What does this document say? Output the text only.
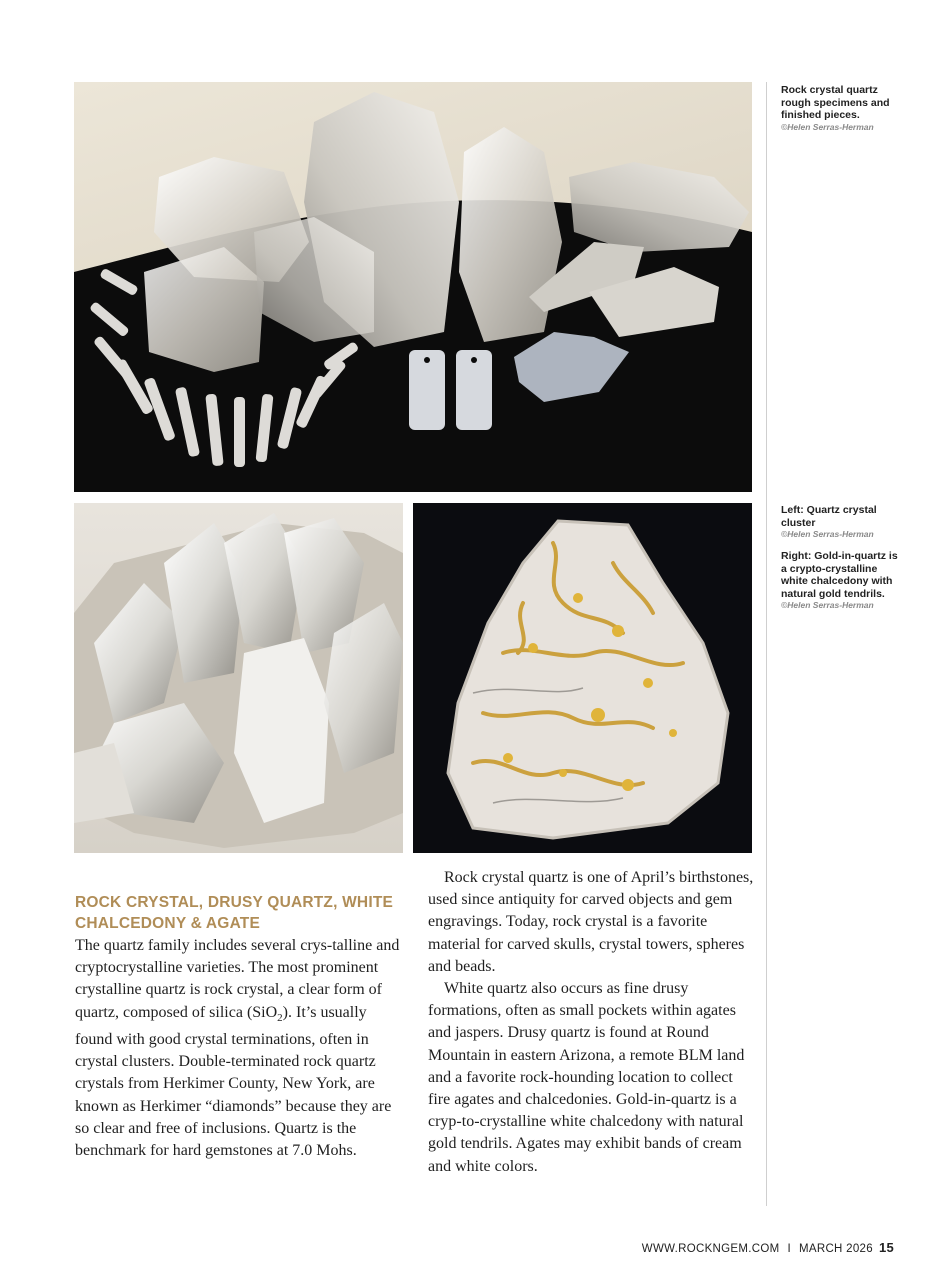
Rock crystal quartz rough specimens and finished pieces.
©Helen Serras-Herman
Left: Quartz crystal cluster
©Helen Serras-Herman
Right: Gold-in-quartz is a crypto-crystalline white chalcedony with natural gold tendrils.
©Helen Serras-Herman
ROCK CRYSTAL, DRUSY QUARTZ, WHITE CHALCEDONY & AGATE

The quartz family includes several crys-talline and cryptocrystalline varieties. The most prominent crystalline quartz is rock crystal, a clear form of quartz, composed of silica (SiO$_2$). It’s usually found with good crystal terminations, often in crystal clusters. Double-terminated rock quartz crystals from Herkimer County, New York, are known as Herkimer “diamonds” because they are so clear and free of inclusions. Quartz is the benchmark for hard gemstones at 7.0 Mohs.

Rock crystal quartz is one of April’s birthstones, used since antiquity for carved objects and gem engravings. Today, rock crystal is a favorite material for carved skulls, crystal towers, spheres and beads.

White quartz also occurs as fine drusy formations, often as small pockets within agates and jaspers. Drusy quartz is found at Round Mountain in eastern Arizona, a remote BLM land and a favorite rock-hounding location to collect fire agates and chalcedonies. Gold-in-quartz is a cryp-to-crystalline white chalcedony with natural gold tendrils. Agates may exhibit bands of cream and white colors.

WWW.ROCKNGEM.COM I MARCH 2026 15
